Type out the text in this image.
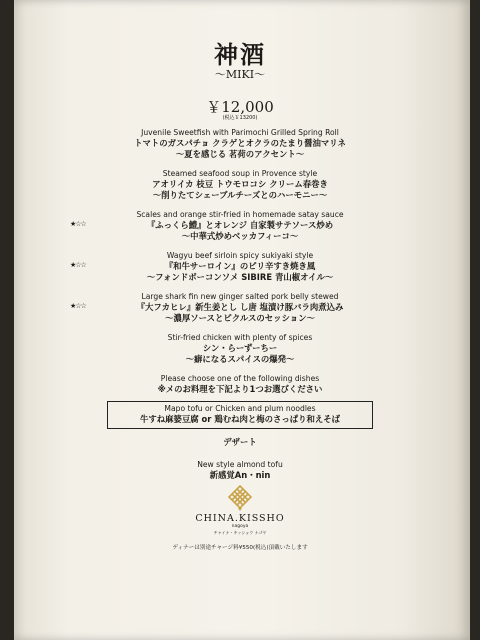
神酒
～MIKI～
￥12,000
(税込￥13200)
Juvenile Sweetfish with Parimochi Grilled Spring Roll
トマトのガスパチョ クラゲとオクラのたまり醤油マリネ
～夏を感じる 茗荷のアクセント～
Steamed seafood soup in Provence style
アオリイカ 枝豆 トウモロコシ クリーム春巻き
～削りたてシェーブルチーズとのハーモニー～
★☆☆
Scales and orange stir-fried in homemade satay sauce
『ふっくら鱧』とオレンジ 自家製サテソース炒め
～中華式炒めベッカフィーコ～
★☆☆
Wagyu beef sirloin spicy sukiyaki style
『和牛サーロイン』のピリ辛すき焼き風
～フォンドボーコンソメ SIBIRE 青山椒オイル～
★☆☆
Large shark fin new ginger salted pork belly stewed
『大フカヒレ』新生姜とし し唐 塩漬け豚バラ肉煮込み
～濃厚ソースとピクルスのセッション～
Stir-fried chicken with plenty of spices
シン・らーずーちー
～癖になるスパイスの爆発～
Please choose one of the following dishes
※メのお料理を下記より1つお選びください
Mapo tofu or Chicken and plum noodles
牛すね麻婆豆腐 or 鶏むね肉と梅のさっぱり和えそば
デザート
New style almond tofu
新感覚An・nin
CHINA.KISSHO
nagoya
チャイナ・キッショウ ナゴヤ
ディナーは別途チャージ料¥550(税込)頂戴いたします
